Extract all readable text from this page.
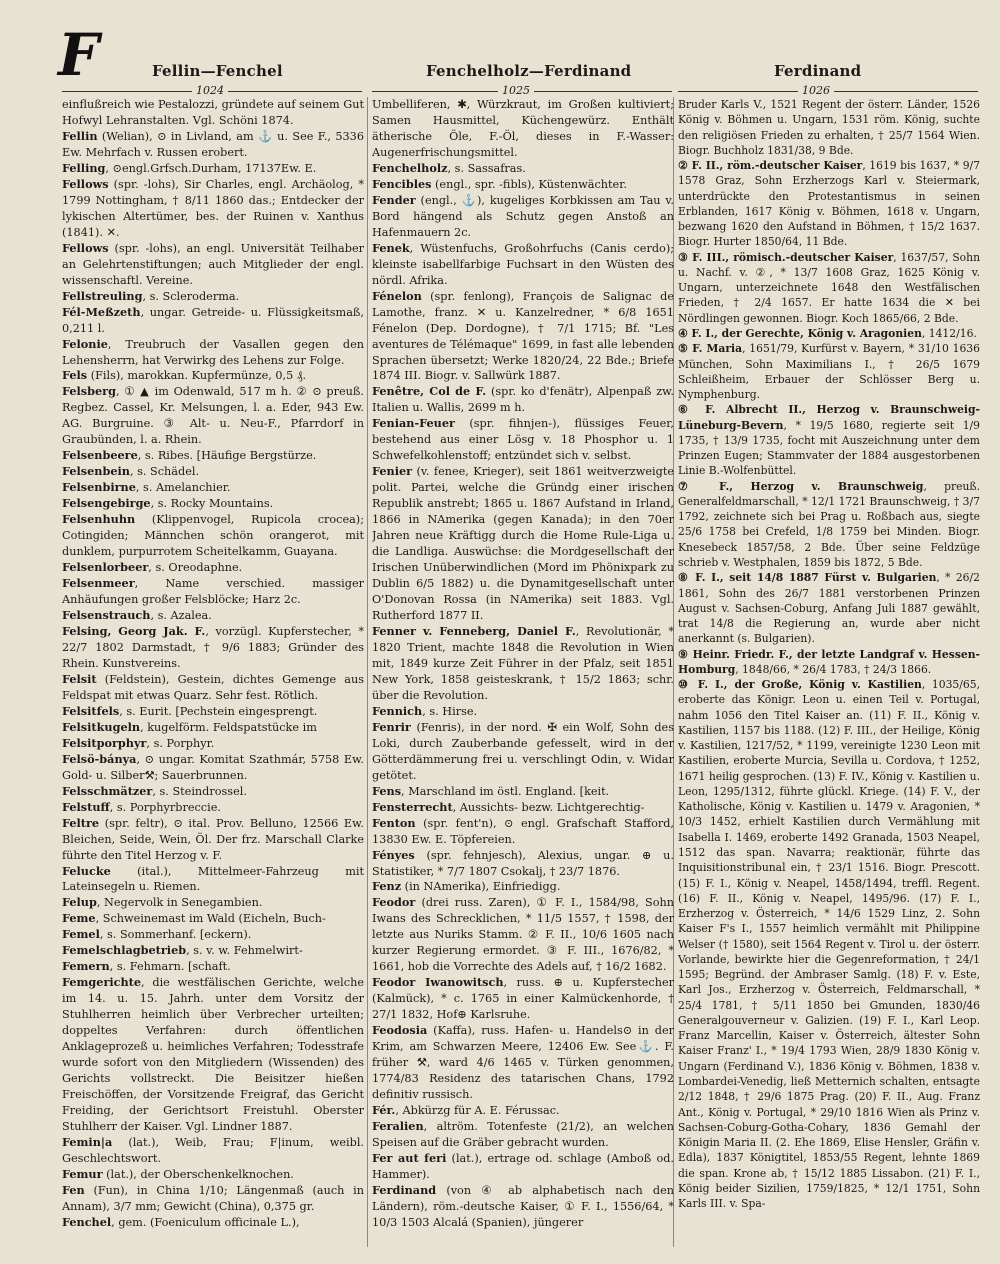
F	Fellin—Fenchel	Fenchelholz—Ferdinand	Ferdinand
1024	1025	1026

einflußreich wie Pestalozzi, gründete auf seinem Gut Hofwyl Lehranstalten. Vgl. Schöni 1874.

Fellin (Welian), ⊙ in Livland, am ⚓ u. See F., 5336 Ew. Mehrfach v. Russen erobert.

Felling, ⊙engl.Grfsch.Durham, 17137Ew. E.

Fellows (spr. -lohs), Sir Charles, engl. Archäolog, * 1799 Nottingham, † 8/11 1860 das.; Entdecker der lykischen Altertümer, bes. der Ruinen v. Xanthus (1841). ✕.

Fellows (spr. -lohs), an engl. Universität Teilhaber an Gelehrtenstiftungen; auch Mitglieder der engl. wissenschaftl. Vereine.

Fellstreuling, s. Scleroderma.

Fél-Meßzeth, ungar. Getreide- u. Flüssigkeitsmaß, 0,211 l.

Felonie, Treubruch der Vasallen gegen den Lehensherrn, hat Verwirkg des Lehens zur Folge.

Fels (Fils), marokkan. Kupfermünze, 0,5 ₰.

Felsberg, ① ▲ im Odenwald, 517 m h. ② ⊙ preuß. Regbez. Cassel, Kr. Melsungen, l. a. Eder, 943 Ew. AG. Burgruine. ③ Alt- u. Neu-F., Pfarrdorf in Graubünden, l. a. Rhein.

Felsenbeere, s. Ribes. [Häufige Bergstürze.

Felsenbein, s. Schädel.

Felsenbirne, s. Amelanchier.

Felsengebirge, s. Rocky Mountains.

Felsenhuhn (Klippenvogel, Rupicola crocea); Cotingiden; Männchen schön orangerot, mit dunklem, purpurrotem Scheitelkamm, Guayana.

Felsenlorbeer, s. Oreodaphne.

Felsenmeer, Name verschied. massiger Anhäufungen großer Felsblöcke; Harz 2c.

Felsenstrauch, s. Azalea.

Felsing, Georg Jak. F., vorzügl. Kupferstecher, * 22/7 1802 Darmstadt, † 9/6 1883; Gründer des Rhein. Kunstvereins.

Felsit (Feldstein), Gestein, dichtes Gemenge aus Feldspat mit etwas Quarz. Sehr fest. Rötlich.

Felsitfels, s. Eurit. [Pechstein eingesprengt.

Felsitkugeln, kugelförm. Feldspatstücke im

Felsitporphyr, s. Porphyr.

Felsö-bánya, ⊙ ungar. Komitat Szathmár, 5758 Ew. Gold- u. Silber⚒; Sauerbrunnen.

Felsschmätzer, s. Steindrossel.

Felstuff, s. Porphyrbreccie.

Feltre (spr. feltr), ⊙ ital. Prov. Belluno, 12566 Ew. Bleichen, Seide, Wein, Öl. Der frz. Marschall Clarke führte den Titel Herzog v. F.

Felucke (ital.), Mittelmeer-Fahrzeug mit Lateinsegeln u. Riemen.

Felup, Negervolk in Senegambien.

Feme, Schweinemast im Wald (Eicheln, Buch-

Femel, s. Sommerhanf. [eckern).

Femelschlagbetrieb, s. v. w. Fehmelwirt-

Femern, s. Fehmarn. [schaft.

Femgerichte, die westfälischen Gerichte, welche im 14. u. 15. Jahrh. unter dem Vorsitz der Stuhlherren heimlich über Verbrecher urteilten; doppeltes Verfahren: durch öffentlichen Anklageprozeß u. heimliches Verfahren; Todesstrafe wurde sofort von den Mitgliedern (Wissenden) des Gerichts vollstreckt. Die Beisitzer hießen Freischöffen, der Vorsitzende Freigraf, das Gericht Freiding, der Gerichtsort Freistuhl. Oberster Stuhlherr der Kaiser. Vgl. Lindner 1887.

Femin|a (lat.), Weib, Frau; F|inum, weibl. Geschlechtswort.

Femur (lat.), der Oberschenkelknochen.

Fen (Fun), in China 1/10; Längenmaß (auch in Annam), 3/7 mm; Gewicht (China), 0,375 gr.

Fenchel, gem. (Foeniculum officinale L.),

Umbelliferen, ✱, Würzkraut, im Großen kultiviert; Samen Hausmittel, Küchengewürz. Enthält ätherische Öle, F.-Öl, dieses in F.-Wasser: Augenerfrischungsmittel.

Fenchelholz, s. Sassafras.

Fencibles (engl., spr. -fibls), Küstenwächter.

Fender (engl., ⚓), kugeliges Korbkissen am Tau v. Bord hängend als Schutz gegen Anstoß an Hafenmauern 2c.

Fenek, Wüstenfuchs, Großohrfuchs (Canis cerdo); kleinste isabellfarbige Fuchsart in den Wüsten des nördl. Afrika.

Fénelon (spr. fenlong), François de Salignac de Lamothe, franz. ✕ u. Kanzelredner, * 6/8 1651 Fénelon (Dep. Dordogne), † 7/1 1715; Bf. "Les aventures de Télémaque" 1699, in fast alle lebenden Sprachen übersetzt; Werke 1820/24, 22 Bde.; Briefe 1874 III. Biogr. v. Sallwürk 1887.

Fenêtre, Col de F. (spr. ko d'fenätr), Alpenpaß zw. Italien u. Wallis, 2699 m h.

Fenian-Feuer (spr. fihnjen-), flüssiges Feuer, bestehend aus einer Lösg v. 18 Phosphor u. 1 Schwefelkohlenstoff; entzündet sich v. selbst.

Fenier (v. fenee, Krieger), seit 1861 weitverzweigte polit. Partei, welche die Gründg einer irischen Republik anstrebt; 1865 u. 1867 Aufstand in Irland, 1866 in NAmerika (gegen Kanada); in den 70er Jahren neue Kräftigg durch die Home Rule-Liga u. die Landliga. Auswüchse: die Mordgesellschaft der Irischen Unüberwindlichen (Mord im Phönixpark zu Dublin 6/5 1882) u. die Dynamitgesellschaft unter O'Donovan Rossa (in NAmerika) seit 1883. Vgl. Rutherford 1877 II.

Fenner v. Fenneberg, Daniel F., Revolutionär, * 1820 Trient, machte 1848 die Revolution in Wien mit, 1849 kurze Zeit Führer in der Pfalz, seit 1851 New York, 1858 geisteskrank, † 15/2 1863; schr. über die Revolution.

Fennich, s. Hirse.

Fenrir (Fenris), in der nord. ✠ ein Wolf, Sohn des Loki, durch Zauberbande gefesselt, wird in der Götterdämmerung frei u. verschlingt Odin, v. Widar getötet.

Fens, Marschland im östl. England. [keit.

Fensterrecht, Aussichts- bezw. Lichtgerechtig-

Fenton (spr. fent'n), ⊙ engl. Grafschaft Stafford, 13830 Ew. E. Töpfereien.

Fényes (spr. fehnjesch), Alexius, ungar. ⊕ u. Statistiker, * 7/7 1807 Csokalj, † 23/7 1876.

Fenz (in NAmerika), Einfriedigg.

Feodor (drei russ. Zaren), ① F. I., 1584/98, Sohn Iwans des Schrecklichen, * 11/5 1557, † 1598, der letzte aus Nuriks Stamm. ② F. II., 10/6 1605 nach kurzer Regierung ermordet. ③ F. III., 1676/82, * 1661, hob die Vorrechte des Adels auf, † 16/2 1682.

Feodor Iwanowitsch, russ. ⊕ u. Kupferstecher (Kalmück), * c. 1765 in einer Kalmückenhorde, † 27/1 1832, Hof⊕ Karlsruhe.

Feodosia (Kaffa), russ. Hafen- u. Handels⊙ in der Krim, am Schwarzen Meere, 12406 Ew. See⚓. F. früher ⚒, ward 4/6 1465 v. Türken genommen, 1774/83 Residenz des tatarischen Chans, 1792 definitiv russisch.

Fér., Abkürzg für A. E. Férussac.

Feralien, altröm. Totenfeste (21/2), an welchen Speisen auf die Gräber gebracht wurden.

Fer aut feri (lat.), ertrage od. schlage (Amboß od. Hammer).

Ferdinand (von ④ ab alphabetisch nach den Ländern), röm.-deutsche Kaiser, ① F. I., 1556/64, * 10/3 1503 Alcalá (Spanien), jüngerer

Bruder Karls V., 1521 Regent der österr. Länder, 1526 König v. Böhmen u. Ungarn, 1531 röm. König, suchte den religiösen Frieden zu erhalten, † 25/7 1564 Wien. Biogr. Buchholz 1831/38, 9 Bde.

② F. II., röm.-deutscher Kaiser, 1619 bis 1637, * 9/7 1578 Graz, Sohn Erzherzogs Karl v. Steiermark, unterdrückte den Protestantismus in seinen Erblanden, 1617 König v. Böhmen, 1618 v. Ungarn, bezwang 1620 den Aufstand in Böhmen, † 15/2 1637. Biogr. Hurter 1850/64, 11 Bde.

③ F. III., römisch.-deutscher Kaiser, 1637/57, Sohn u. Nachf. v. ②, * 13/7 1608 Graz, 1625 König v. Ungarn, unterzeichnete 1648 den Westfälischen Frieden, † 2/4 1657. Er hatte 1634 die ✕ bei Nördlingen gewonnen. Biogr. Koch 1865/66, 2 Bde.

④ F. I., der Gerechte, König v. Aragonien, 1412/16.

⑤ F. Maria, 1651/79, Kurfürst v. Bayern, * 31/10 1636 München, Sohn Maximilians I., † 26/5 1679 Schleißheim, Erbauer der Schlösser Berg u. Nymphenburg.

⑥ F. Albrecht II., Herzog v. Braunschweig-Lüneburg-Bevern, * 19/5 1680, regierte seit 1/9 1735, † 13/9 1735, focht mit Auszeichnung unter dem Prinzen Eugen; Stammvater der 1884 ausgestorbenen Linie B.-Wolfenbüttel.

⑦ F., Herzog v. Braunschweig, preuß. Generalfeldmarschall, * 12/1 1721 Braunschweig, † 3/7 1792, zeichnete sich bei Prag u. Roßbach aus, siegte 25/6 1758 bei Crefeld, 1/8 1759 bei Minden. Biogr. Knesebeck 1857/58, 2 Bde. Über seine Feldzüge schrieb v. Westphalen, 1859 bis 1872, 5 Bde.

⑧ F. I., seit 14/8 1887 Fürst v. Bulgarien, * 26/2 1861, Sohn des 26/7 1881 verstorbenen Prinzen August v. Sachsen-Coburg, Anfang Juli 1887 gewählt, trat 14/8 die Regierung an, wurde aber nicht anerkannt (s. Bulgarien).

⑨ Heinr. Friedr. F., der letzte Landgraf v. Hessen-Homburg, 1848/66, * 26/4 1783, † 24/3 1866.

⑩ F. I., der Große, König v. Kastilien, 1035/65, eroberte das Königr. Leon u. einen Teil v. Portugal, nahm 1056 den Titel Kaiser an. (11) F. II., König v. Kastilien, 1157 bis 1188. (12) F. III., der Heilige, König v. Kastilien, 1217/52, * 1199, vereinigte 1230 Leon mit Kastilien, eroberte Murcia, Sevilla u. Cordova, † 1252, 1671 heilig gesprochen. (13) F. IV., König v. Kastilien u. Leon, 1295/1312, führte glückl. Kriege. (14) F. V., der Katholische, König v. Kastilien u. 1479 v. Aragonien, * 10/3 1452, erhielt Kastilien durch Vermählung mit Isabella I. 1469, eroberte 1492 Granada, 1503 Neapel, 1512 das span. Navarra; reaktionär, führte das Inquisitionstribunal ein, † 23/1 1516. Biogr. Prescott. (15) F. I., König v. Neapel, 1458/1494, treffl. Regent. (16) F. II., König v. Neapel, 1495/96. (17) F. I., Erzherzog v. Österreich, * 14/6 1529 Linz, 2. Sohn Kaiser F's I., 1557 heimlich vermählt mit Philippine Welser († 1580), seit 1564 Regent v. Tirol u. der österr. Vorlande, bewirkte hier die Gegenreformation, † 24/1 1595; Begründ. der Ambraser Samlg. (18) F. v. Este, Karl Jos., Erzherzog v. Österreich, Feldmarschall, * 25/4 1781, † 5/11 1850 bei Gmunden, 1830/46 Generalgouverneur v. Galizien. (19) F. I., Karl Leop. Franz Marcellin, Kaiser v. Österreich, ältester Sohn Kaiser Franz' I., * 19/4 1793 Wien, 28/9 1830 König v. Ungarn (Ferdinand V.), 1836 König v. Böhmen, 1838 v. Lombardei-Venedig, ließ Metternich schalten, entsagte 2/12 1848, † 29/6 1875 Prag. (20) F. II., Aug. Franz Ant., König v. Portugal, * 29/10 1816 Wien als Prinz v. Sachsen-Coburg-Gotha-Cohary, 1836 Gemahl der Königin Maria II. (2. Ehe 1869, Elise Hensler, Gräfin v. Edla), 1837 Königtitel, 1853/55 Regent, lehnte 1869 die span. Krone ab, † 15/12 1885 Lissabon. (21) F. I., König beider Sizilien, 1759/1825, * 12/1 1751, Sohn Karls III. v. Spa-
